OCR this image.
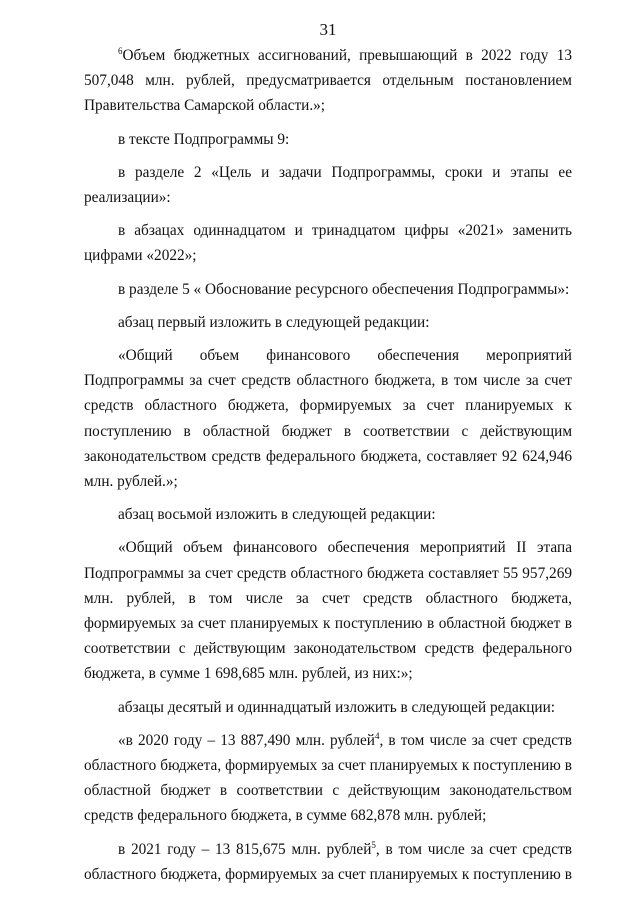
31

$^6$Объем бюджетных ассигнований, превышающий в 2022 году 13 507,048 млн. рублей, предусматривается отдельным постановлением Правительства Самарской области.»;

в тексте Подпрограммы 9:

в разделе 2 «Цель и задачи Подпрограммы, сроки и этапы ее реализации»:

в абзацах одиннадцатом и тринадцатом цифры «2021» заменить цифрами «2022»;

в разделе 5 « Обоснование ресурсного обеспечения Подпрограммы»:

абзац первый изложить в следующей редакции:

«Общий объем финансового обеспечения мероприятий Подпрограммы за счет средств областного бюджета, в том числе за счет средств областного бюджета, формируемых за счет планируемых к поступлению в областной бюджет в соответствии с действующим законодательством средств федерального бюджета, составляет 92 624,946 млн. рублей.»;

абзац восьмой изложить в следующей редакции:

«Общий объем финансового обеспечения мероприятий II этапа Подпрограммы за счет средств областного бюджета составляет 55 957,269 млн. рублей, в том числе за счет средств областного бюджета, формируемых за счет планируемых к поступлению в областной бюджет в соответствии с действующим законодательством средств федерального бюджета, в сумме 1 698,685 млн. рублей, из них:»;

абзацы десятый и одиннадцатый изложить в следующей редакции:

«в 2020 году – 13 887,490 млн. рублей$^4$, в том числе за счет средств областного бюджета, формируемых за счет планируемых к поступлению в областной бюджет в соответствии с действующим законодательством средств федерального бюджета, в сумме 682,878 млн. рублей;

в 2021 году – 13 815,675 млн. рублей$^5$, в том числе за счет средств областного бюджета, формируемых за счет планируемых к поступлению в
